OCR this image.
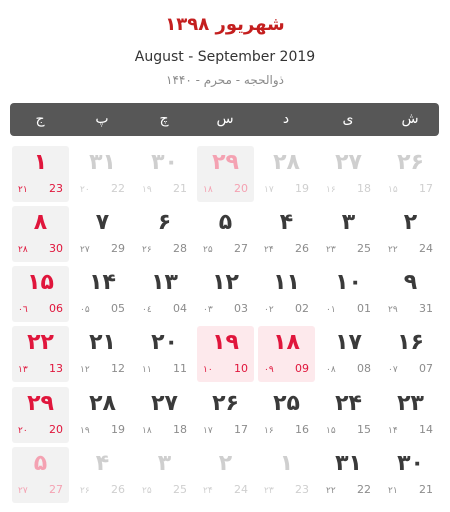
شهریور ۱۳۹۸
August - September 2019
ذوالحجه - محرم - ۱۴۴۰
ش
ی
د
س
چ
پ
ج
۲۶
17
۱۵
۲۷
18
۱۶
۲۸
19
۱۷
۲۹
20
۱۸
۳۰
21
۱۹
۳۱
22
۲۰
۱
23
۲۱
۲
24
۲۲
۳
25
۲۳
۴
26
۲۴
۵
27
۲۵
۶
28
۲۶
۷
29
۲۷
۸
30
۲۸
۹
31
۲۹
۱۰
01
۰۱
۱۱
02
۰۲
۱۲
03
۰۳
۱۳
04
۰٤
۱۴
05
۰۵
۱۵
06
۰٦
۱۶
07
۰۷
۱۷
08
۰۸
۱۸
09
۰۹
۱۹
10
۱۰
۲۰
11
۱۱
۲۱
12
۱۲
۲۲
13
۱۳
۲۳
14
۱۴
۲۴
15
۱۵
۲۵
16
۱۶
۲۶
17
۱۷
۲۷
18
۱۸
۲۸
19
۱۹
۲۹
20
۲۰
۳۰
21
۲۱
۳۱
22
۲۲
۱
23
۲۳
۲
24
۲۴
۳
25
۲۵
۴
26
۲۶
۵
27
۲۷
